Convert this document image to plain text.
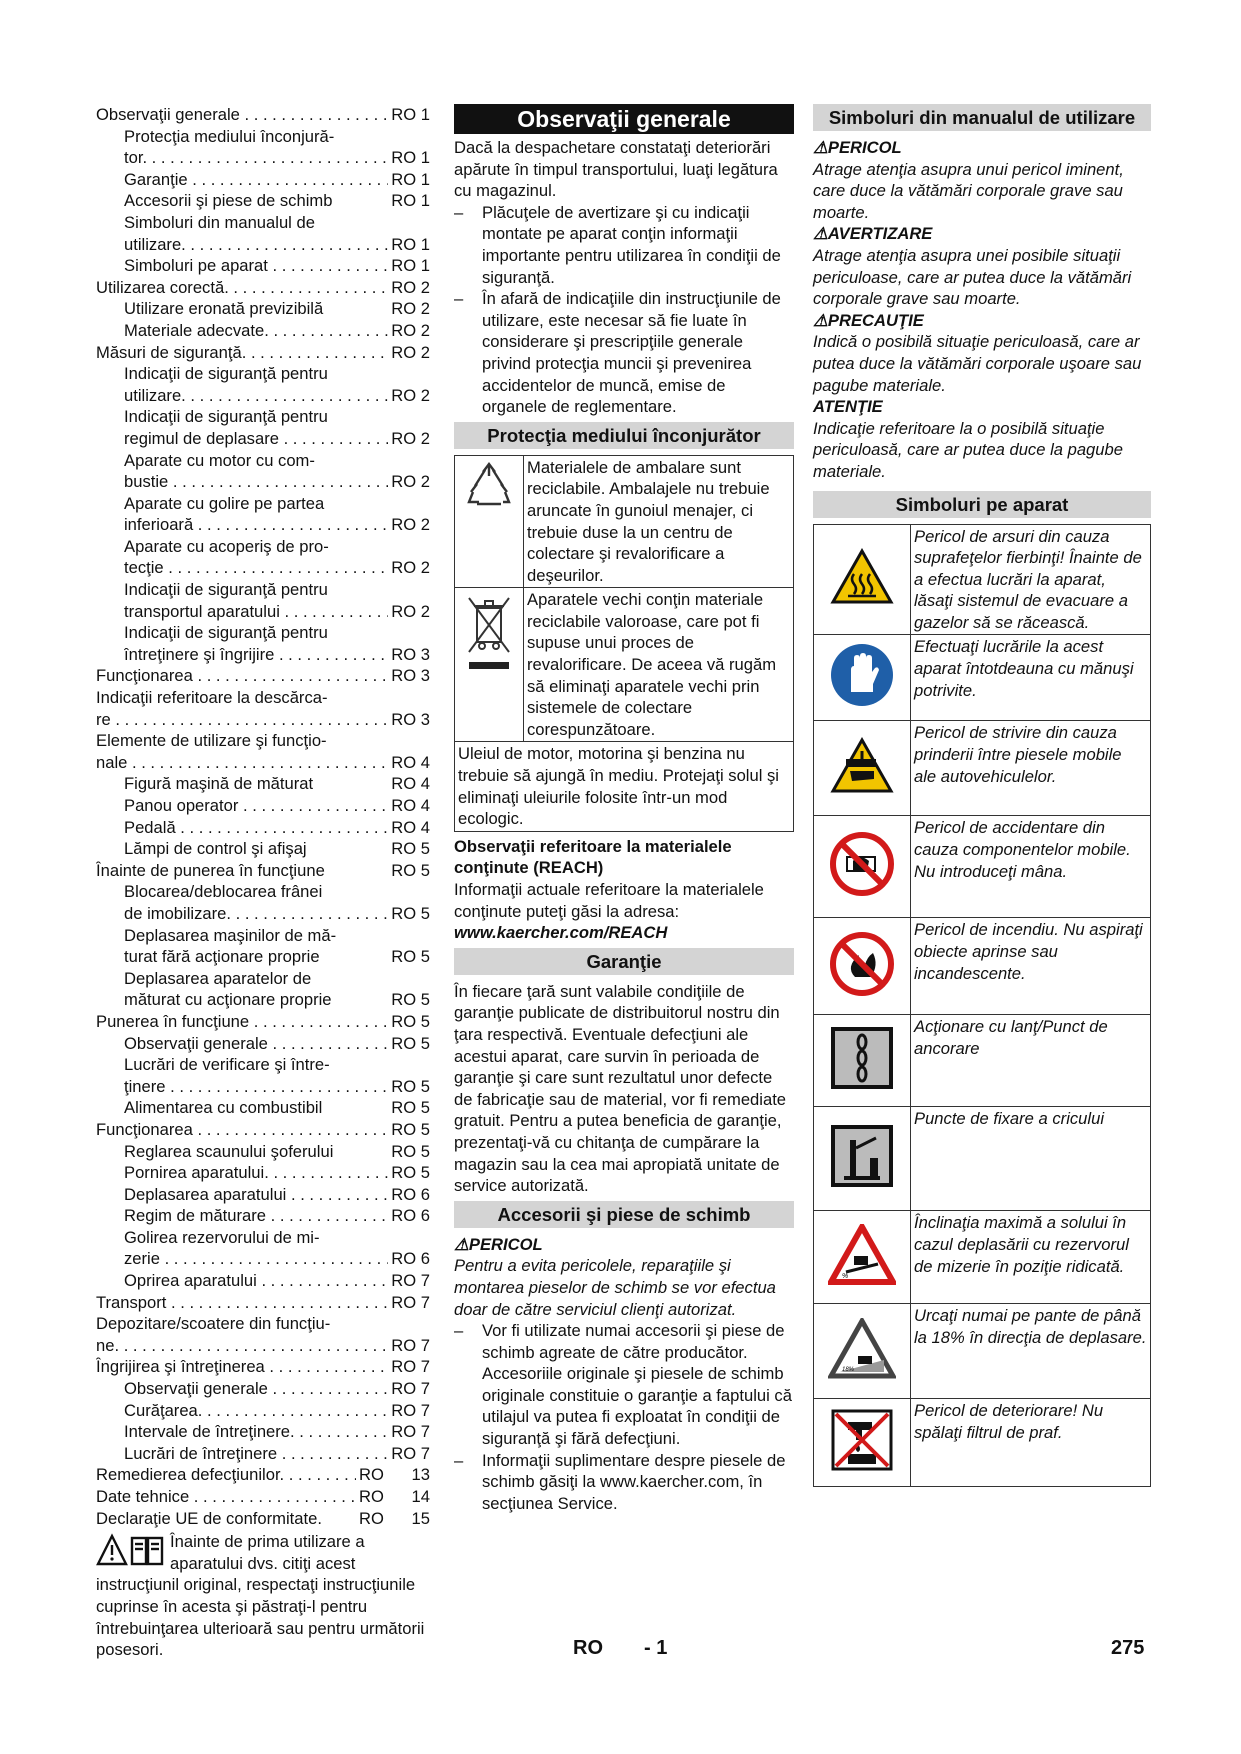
Observaţii generale . . .	RO 1
Protecţia mediului înconjură-
tor. . . .	RO 1
Garanţie . . .	RO 1
Accesorii şi piese de schimb	RO 1
Simboluri din manualul de
utilizare. . . .	RO 1
Simboluri pe aparat . . .	RO 1
Utilizarea corectă. . . .	RO 2
Utilizare eronată previzibilă	RO 2
Materiale adecvate. . . .	RO 2
Măsuri de siguranţă. . . .	RO 2
Indicaţii de siguranţă pentru
utilizare. . . .	RO 2
Indicaţii de siguranţă pentru
regimul de deplasare . . .	RO 2
Aparate cu motor cu com-
bustie . . .	RO 2
Aparate cu golire pe partea
inferioară . . .	RO 2
Aparate cu acoperiş de pro-
tecţie . . .	RO 2
Indicaţii de siguranţă pentru
transportul aparatului . . .	RO 2
Indicaţii de siguranţă pentru
întreţinere şi îngrijire . . .	RO 3
Funcţionarea . . .	RO 3
Indicaţii referitoare la descărca-
re . . .	RO 3
Elemente de utilizare şi funcţio-
nale . . .	RO 4
Figură maşină de măturat	RO 4
Panou operator . . .	RO 4
Pedală . . .	RO 4
Lămpi de control şi afişaj	RO 5
Înainte de punerea în funcţiune	RO 5
Blocarea/deblocarea frânei
de imobilizare. . . .	RO 5
Deplasarea maşinilor de mă-
turat fără acţionare proprie	RO 5
Deplasarea aparatelor de
măturat cu acţionare proprie	RO 5
Punerea în funcţiune . . .	RO 5
Observaţii generale . . .	RO 5
Lucrări de verificare şi între-
ţinere . . .	RO 5
Alimentarea cu combustibil	RO 5
Funcţionarea . . .	RO 5
Reglarea scaunului şoferului	RO 5
Pornirea aparatului. . . .	RO 5
Deplasarea aparatului . . .	RO 6
Regim de măturare . . .	RO 6
Golirea rezervorului de mi-
zerie . . .	RO 6
Oprirea aparatului . . .	RO 7
Transport . . .	RO 7
Depozitare/scoatere din funcţiu-
ne. . . .	RO 7
Îngrijirea şi întreţinerea . . .	RO 7
Observaţii generale . . .	RO 7
Curăţarea. . . .	RO 7
Intervale de întreţinere. . . .	RO 7
Lucrări de întreţinere . . .	RO 7
Remedierea defecţiunilor. . . .	RO      13
Date tehnice . . .	RO      14
Declaraţie UE de conformitate.	RO      15
Înainte de prima utilizare a aparatului dvs. citiţi acest instrucţiunil original, respectaţi instrucţiunile cuprinse în acesta şi păstraţi-l pentru întrebuinţarea ulterioară sau pentru următorii posesori.
Observaţii generale

Dacă la despachetare constataţi deteriorări apărute în timpul transportului, luaţi legătura cu magazinul.

–	Plăcuţele de avertizare şi cu indicaţii montate pe aparat conţin informaţii importante pentru utilizarea în condiţii de siguranţă.
–	În afară de indicaţiile din instrucţiunile de utilizare, este necesar să fie luate în considerare şi prescripţiile generale privind protecţia muncii şi prevenirea accidentelor de muncă, emise de organele de reglementare.
Protecţia mediului înconjurător
	Materialele de ambalare sunt reciclabile. Ambalajele nu trebuie aruncate în gunoiul menajer, ci trebuie duse la un centru de colectare şi revalorificare a deşeurilor.
	Aparatele vechi conţin materiale reciclabile valoroase, care pot fi supuse unui proces de revalorificare. De aceea vă rugăm să eliminaţi aparatele vechi prin sistemele de colectare corespunzătoare.
Uleiul de motor, motorina şi benzina nu trebuie să ajungă în mediu. Protejaţi solul şi eliminaţi uleiurile folosite într-un mod ecologic.	

Observaţii referitoare la materialele conţinute (REACH)

Informaţii actuale referitoare la materialele conţinute puteţi găsi la adresa:

www.kaercher.com/REACH

Garanţie

În fiecare ţară sunt valabile condiţiile de garanţie publicate de distribuitorul nostru din ţara respectivă. Eventuale defecţiuni ale acestui aparat, care survin în perioada de garanţie şi care sunt rezultatul unor defecte de fabricaţie sau de material, vor fi remediate gratuit. Pentru a putea beneficia de garanţie, prezentaţi-vă cu chitanţa de cumpărare la magazin sau la cea mai apropiată unitate de service autorizată.

Accesorii şi piese de schimb

⚠PERICOL

Pentru a evita pericolele, reparaţiile şi montarea pieselor de schimb se vor efectua doar de către serviciul clienţi autorizat.

–	Vor fi utilizate numai accesorii şi piese de schimb agreate de către producător. Accesoriile originale şi piesele de schimb originale constituie o garanţie a faptului că utilajul va putea fi exploatat în condiţii de siguranţă şi fără defecţiuni.
–	Informaţii suplimentare despre piesele de schimb găsiţi la www.kaercher.com, în secţiunea Service.
Simboluri din manualul de utilizare

⚠PERICOL

Atrage atenţia asupra unui pericol iminent, care duce la vătămări corporale grave sau moarte.

⚠AVERTIZARE

Atrage atenţia asupra unei posibile situaţii periculoase, care ar putea duce la vătămări corporale grave sau moarte.

⚠PRECAUŢIE

Indică o posibilă situaţie periculoasă, care ar putea duce la vătămări corporale uşoare sau pagube materiale.

ATENŢIE

Indicaţie referitoare la o posibilă situaţie periculoasă, care ar putea duce la pagube materiale.

Simboluri pe aparat
	Pericol de arsuri din cauza suprafeţelor fierbinţi! Înainte de a efectua lucrări la aparat, lăsaţi sistemul de evacuare a gazelor să se răcească.
	Efectuaţi lucrările la acest aparat întotdeauna cu mănuşi potrivite.
	Pericol de strivire din cauza prinderii între piesele mobile ale autovehiculelor.
	Pericol de accidentare din cauza componentelor mobile. Nu introduceţi mâna.
	Pericol de incendiu. Nu aspiraţi obiecte aprinse sau incandescente.
	Acţionare cu lanţ/Punct de ancorare
	Puncte de fixare a cricului

%	Înclinaţia maximă a solului în cazul deplasării cu rezervorul de mizerie în poziţie ridicată.

18%	Urcaţi numai pe pante de până la 18% în direcţia de deplasare.
	Pericol de deteriorare! Nu spălaţi filtrul de praf.
RO - 1	275
